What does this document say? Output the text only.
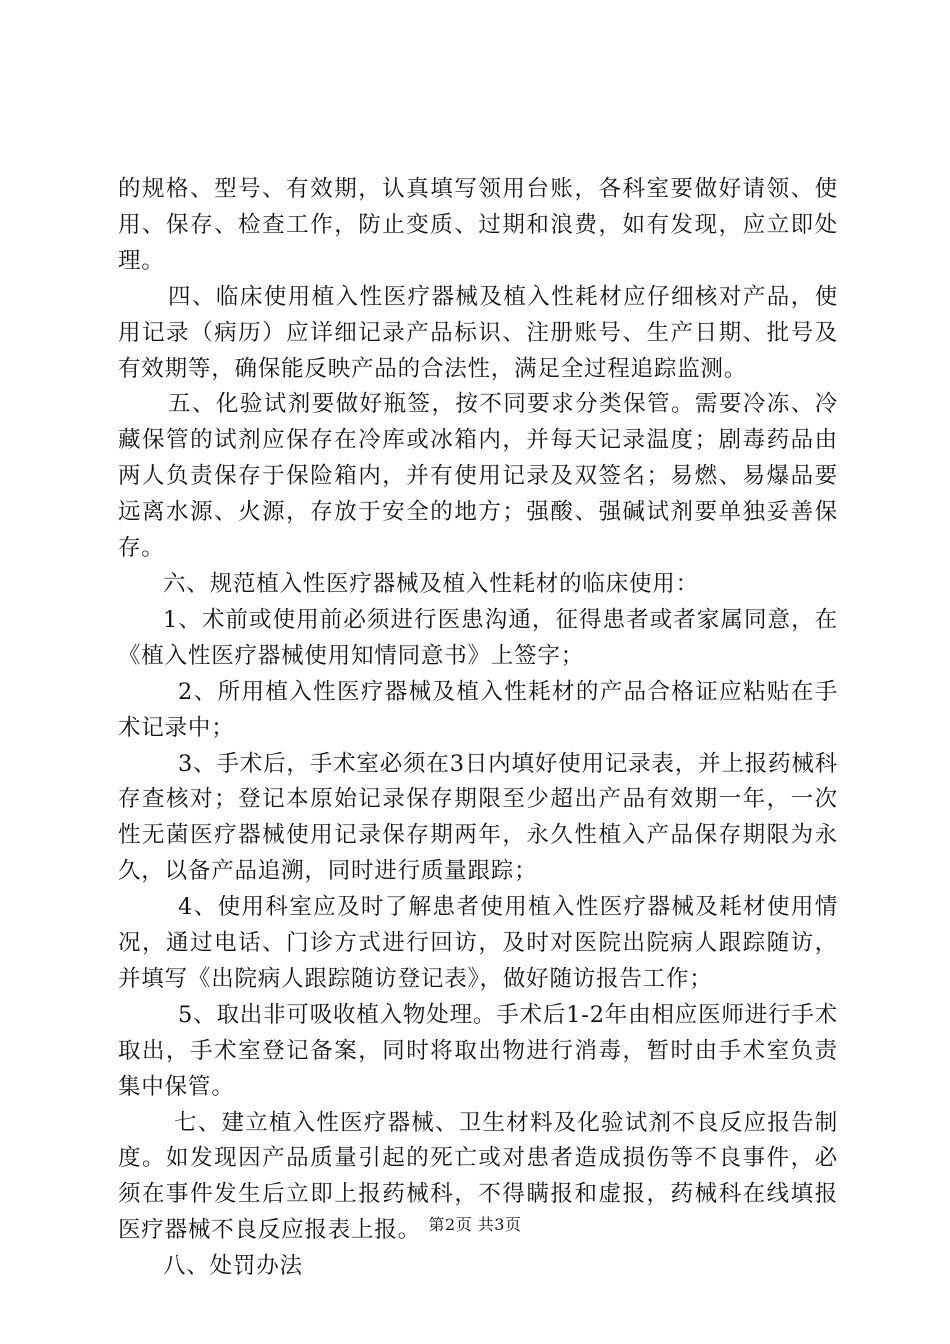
的规格、型号、有效期，认真填写领用台账，各科室要做好请领、使用、保存、检查工作，防止变质、过期和浪费，如有发现，应立即处理。

四、临床使用植入性医疗器械及植入性耗材应仔细核对产品，使用记录（病历）应详细记录产品标识、注册账号、生产日期、批号及有效期等，确保能反映产品的合法性，满足全过程追踪监测。

五、化验试剂要做好瓶签，按不同要求分类保管。需要冷冻、冷藏保管的试剂应保存在冷库或冰箱内，并每天记录温度；剧毒药品由两人负责保存于保险箱内，并有使用记录及双签名；易燃、易爆品要远离水源、火源，存放于安全的地方；强酸、强碱试剂要单独妥善保存。

六、规范植入性医疗器械及植入性耗材的临床使用：

1、术前或使用前必须进行医患沟通，征得患者或者家属同意，在《植入性医疗器械使用知情同意书》上签字；

2、所用植入性医疗器械及植入性耗材的产品合格证应粘贴在手术记录中；

3、手术后，手术室必须在3日内填好使用记录表，并上报药械科存查核对；登记本原始记录保存期限至少超出产品有效期一年，一次性无菌医疗器械使用记录保存期两年，永久性植入产品保存期限为永久，以备产品追溯，同时进行质量跟踪；

4、使用科室应及时了解患者使用植入性医疗器械及耗材使用情况，通过电话、门诊方式进行回访，及时对医院出院病人跟踪随访，并填写《出院病人跟踪随访登记表》，做好随访报告工作；

5、取出非可吸收植入物处理。手术后1-2年由相应医师进行手术取出，手术室登记备案，同时将取出物进行消毒，暂时由手术室负责集中保管。

七、建立植入性医疗器械、卫生材料及化验试剂不良反应报告制度。如发现因产品质量引起的死亡或对患者造成损伤等不良事件，必须在事件发生后立即上报药械科，不得瞒报和虚报，药械科在线填报医疗器械不良反应报表上报。

八、处罚办法

第2页 共3页
